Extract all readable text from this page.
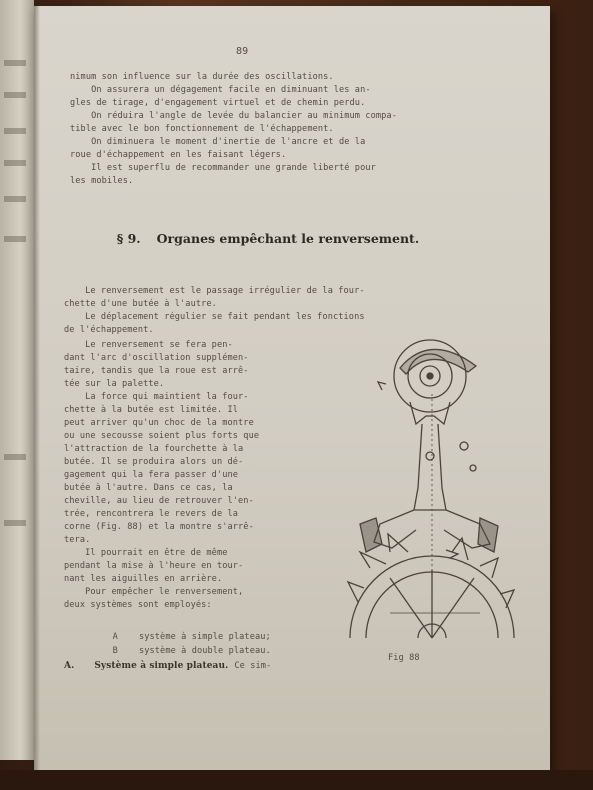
89
nimum son influence sur la durée des oscillations.
On assurera un dégagement facile en diminuant les an-
gles de tirage, d'engagement virtuel et de chemin perdu.
On réduira l'angle de levée du balancier au minimum compa-
tible avec le bon fonctionnement de l'échappement.
On diminuera le moment d'inertie de l'ancre et de la
roue d'échappement en les faisant légers.
Il est superflu de recommander une grande liberté pour
les mobiles.

§ 9. Organes empêchant le renversement.

Le renversement est le passage irrégulier de la four-
chette d'une butée à l'autre.
Le déplacement régulier se fait pendant les fonctions
de l'échappement.
Le renversement se fera pen-
dant l'arc d'oscillation supplémen-
taire, tandis que la roue est arrê-
tée sur la palette.
La force qui maintient la four-
chette à la butée est limitée. Il
peut arriver qu'un choc de la montre
ou une secousse soient plus forts que
l'attraction de la fourchette à la
butée. Il se produira alors un dé-
gagement qui la fera passer d'une
butée à l'autre. Dans ce cas, la
cheville, au lieu de retrouver l'en-
trée, rencontrera le revers de la
corne (Fig. 88) et la montre s'arrê-
tera.
Il pourrait en être de même
pendant la mise à l'heure en tour-
nant les aiguilles en arrière.
Pour empêcher le renversement,
deux systèmes sont employés:

A système à simple plateau;

B système à double plateau.

A. Système à simple plateau. Ce sim-
Fig 88
